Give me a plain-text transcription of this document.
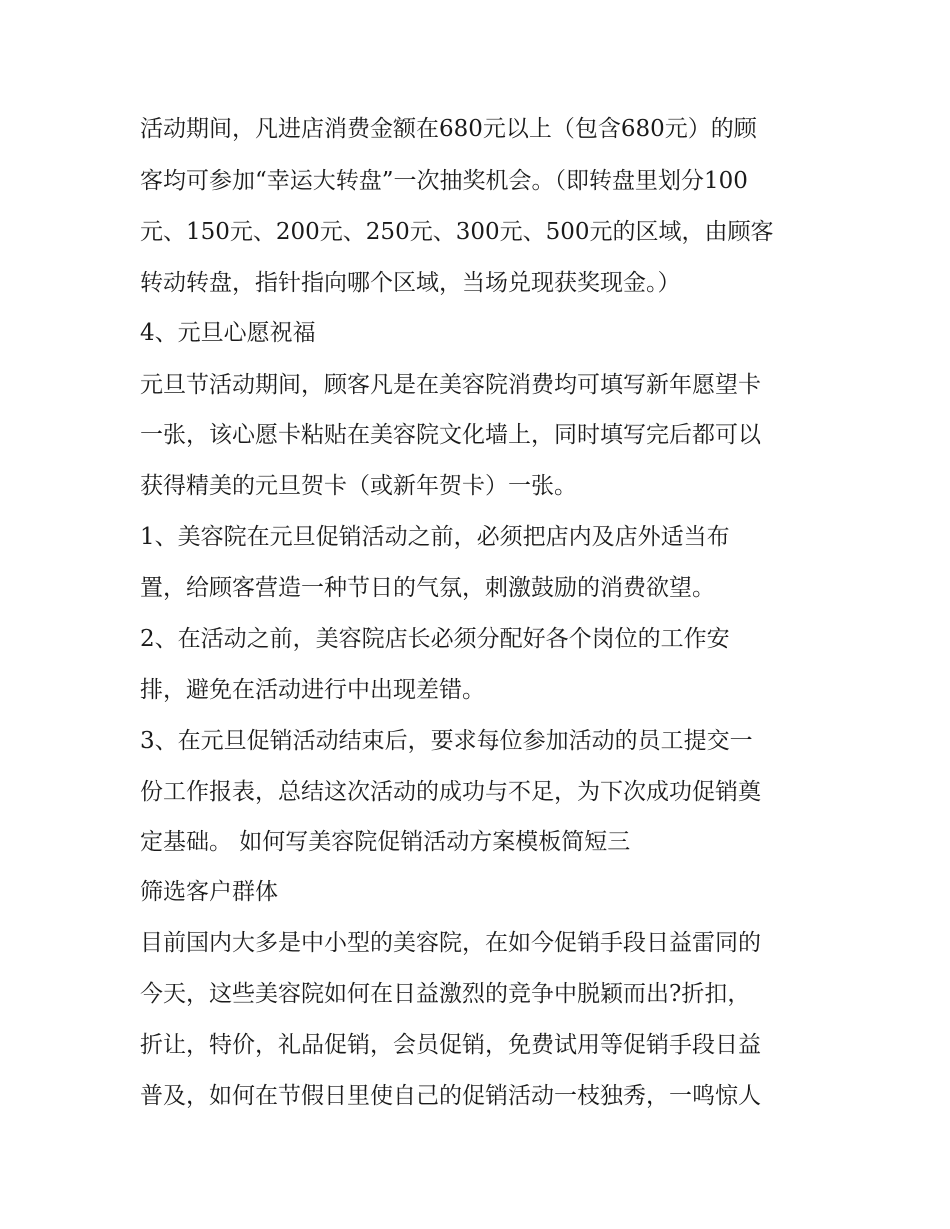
活动期间，凡进店消费金额在680元以上（包含680元）的顾
客均可参加“幸运大转盘”一次抽奖机会。（即转盘里划分100
元、150元、200元、250元、300元、500元的区域，由顾客
转动转盘，指针指向哪个区域，当场兑现获奖现金。）
4、元旦心愿祝福
元旦节活动期间，顾客凡是在美容院消费均可填写新年愿望卡
一张，该心愿卡粘贴在美容院文化墙上，同时填写完后都可以
获得精美的元旦贺卡（或新年贺卡）一张。
1、美容院在元旦促销活动之前，必须把店内及店外适当布
置，给顾客营造一种节日的气氛，刺激鼓励的消费欲望。
2、在活动之前，美容院店长必须分配好各个岗位的工作安
排，避免在活动进行中出现差错。
3、在元旦促销活动结束后，要求每位参加活动的员工提交一
份工作报表，总结这次活动的成功与不足，为下次成功促销奠
定基础。 如何写美容院促销活动方案模板简短三
筛选客户群体
目前国内大多是中小型的美容院，在如今促销手段日益雷同的
今天，这些美容院如何在日益激烈的竞争中脱颖而出?折扣，
折让，特价，礼品促销，会员促销，免费试用等促销手段日益
普及，如何在节假日里使自己的促销活动一枝独秀，一鸣惊人
